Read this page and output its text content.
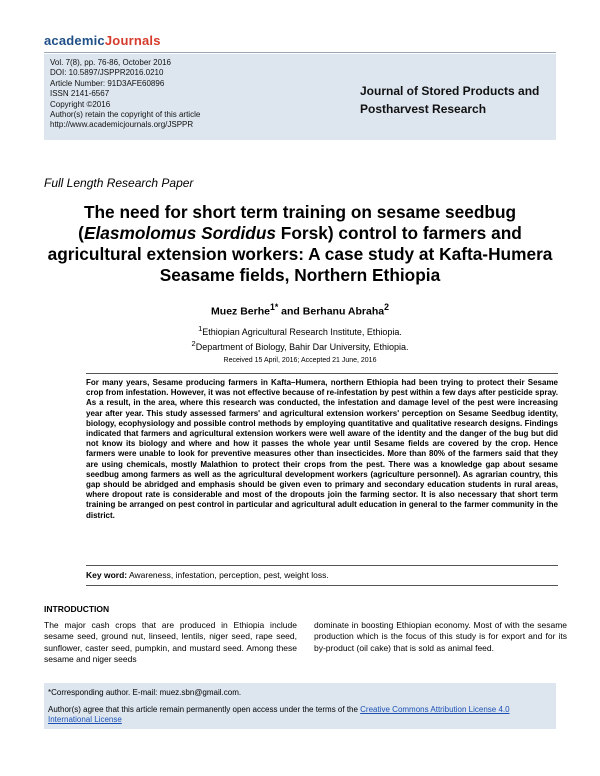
academicJournals
Vol. 7(8), pp. 76-86, October 2016
DOI: 10.5897/JSPPR2016.0210
Article Number: 91D3AFE60896
ISSN 2141-6567
Copyright ©2016
Author(s) retain the copyright of this article
http://www.academicjournals.org/JSPPR
Journal of Stored Products and
Postharvest Research
Full Length Research Paper
The need for short term training on sesame seedbug (Elasmolomus Sordidus Forsk) control to farmers and agricultural extension workers: A case study at Kafta-Humera Seasame fields, Northern Ethiopia
Muez Berhe$^{1*}$ and Berhanu Abraha$^2$
$^1$Ethiopian Agricultural Research Institute, Ethiopia.
$^2$Department of Biology, Bahir Dar University, Ethiopia.
Received 15 April, 2016; Accepted 21 June, 2016
For many years, Sesame producing farmers in Kafta–Humera, northern Ethiopia had been trying to protect their Sesame crop from infestation. However, it was not effective because of re-infestation by pest within a few days after pesticide spray. As a result, in the area, where this research was conducted, the infestation and damage level of the pest were increasing year after year. This study assessed farmers' and agricultural extension workers' perception on Sesame Seedbug identity, biology, ecophysiology and possible control methods by employing quantitative and qualitative research designs. Findings indicated that farmers and agricultural extension workers were well aware of the identity and the danger of the bug but did not know its biology and where and how it passes the whole year until Sesame fields are covered by the crop. Hence farmers were unable to look for preventive measures other than insecticides. More than 80% of the farmers said that they are using chemicals, mostly Malathion to protect their crops from the pest. There was a knowledge gap about sesame seedbug among farmers as well as the agricultural development workers (agriculture personnel). As agrarian country, this gap should be abridged and emphasis should be given even to primary and secondary education students in rural areas, where dropout rate is considerable and most of the dropouts join the farming sector. It is also necessary that short term training be arranged on pest control in particular and agricultural adult education in general to the farmer community in the district.
Key word: Awareness, infestation, perception, pest, weight loss.
INTRODUCTION
The major cash crops that are produced in Ethiopia include sesame seed, ground nut, linseed, lentils, niger seed, rape seed, sunflower, caster seed, pumpkin, and mustard seed. Among these sesame and niger seeds
dominate in boosting Ethiopian economy. Most of with the sesame production which is the focus of this study is for export and for its by-product (oil cake) that is sold as animal feed.
*Corresponding author. E-mail: muez.sbn@gmail.com.
Author(s) agree that this article remain permanently open access under the terms of the Creative Commons Attribution License 4.0 International License
